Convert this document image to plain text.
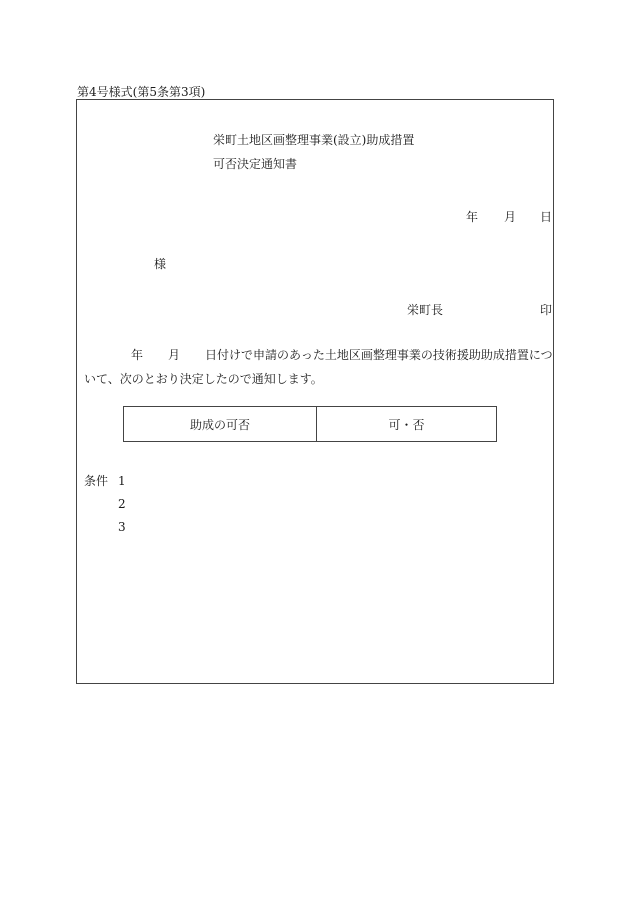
第4号様式(第5条第3項)
栄町土地区画整理事業(設立)助成措置
可否決定通知書
年 月 日
様
栄町長	印
年 月 日付けで申請のあった土地区画整理事業の技術援助助成措置につ
いて、次のとおり決定したので通知します。
助成の可否	可・否
条件 1
2
3
